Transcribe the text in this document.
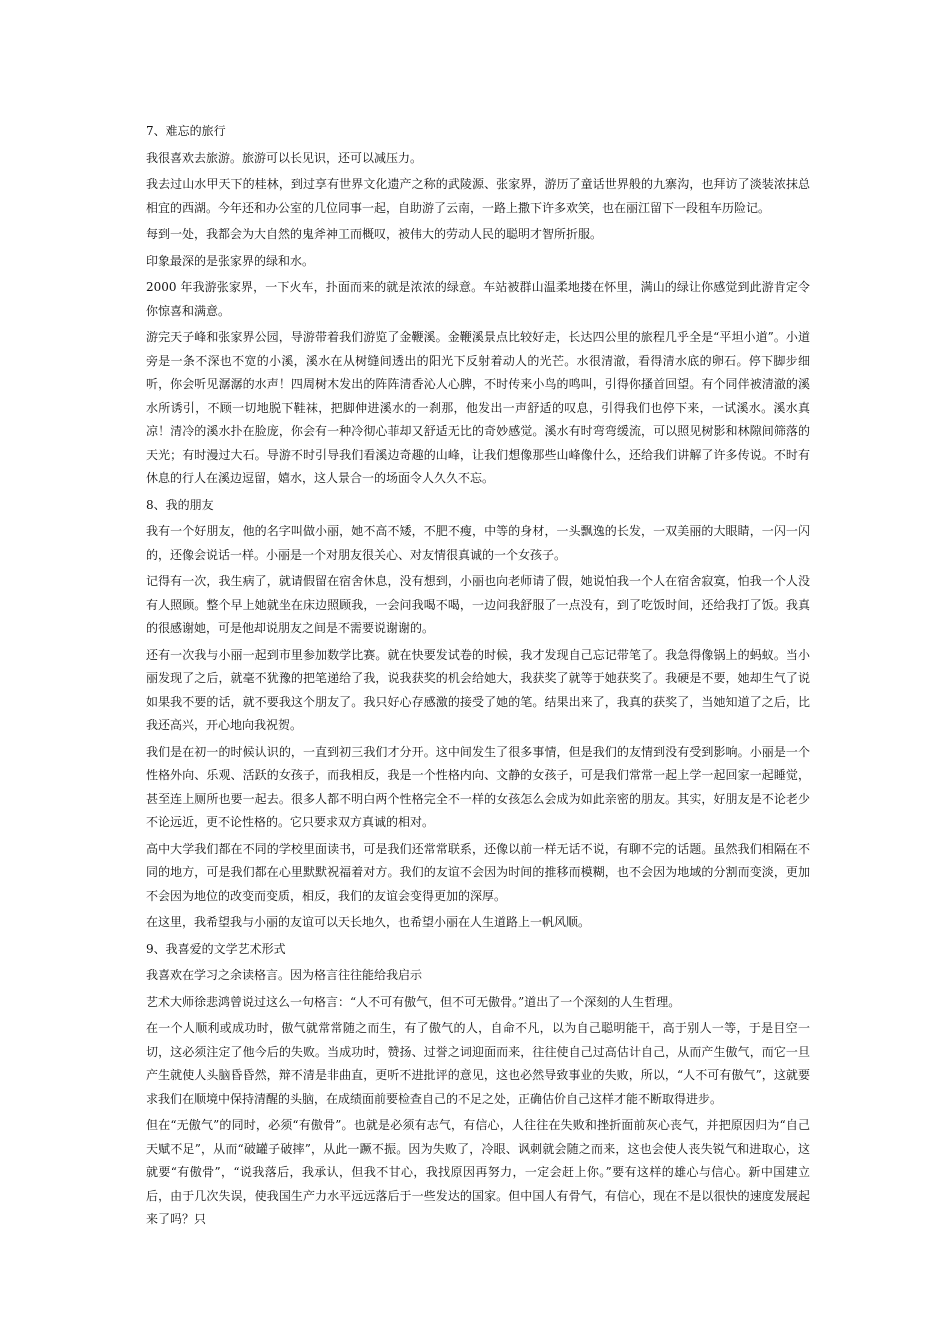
7、难忘的旅行

我很喜欢去旅游。旅游可以长见识，还可以减压力。

我去过山水甲天下的桂林，到过享有世界文化遗产之称的武陵源、张家界，游历了童话世界般的九寨沟，也拜访了淡装浓抹总相宜的西湖。今年还和办公室的几位同事一起，自助游了云南，一路上撒下许多欢笑，也在丽江留下一段租车历险记。

每到一处，我都会为大自然的鬼斧神工而概叹，被伟大的劳动人民的聪明才智所折服。

印象最深的是张家界的绿和水。

2000 年我游张家界，一下火车，扑面而来的就是浓浓的绿意。车站被群山温柔地搂在怀里，满山的绿让你感觉到此游肯定令你惊喜和满意。

游完天子峰和张家界公园，导游带着我们游览了金鞭溪。金鞭溪景点比较好走，长达四公里的旅程几乎全是“平坦小道”。小道旁是一条不深也不宽的小溪，溪水在从树缝间透出的阳光下反射着动人的光芒。水很清澈，看得清水底的卵石。停下脚步细听，你会听见潺潺的水声！四周树木发出的阵阵清香沁人心脾，不时传来小鸟的鸣叫，引得你搔首回望。有个同伴被清澈的溪水所诱引，不顾一切地脱下鞋袜，把脚伸进溪水的一刹那，他发出一声舒适的叹息，引得我们也停下来，一试溪水。溪水真凉！清冷的溪水扑在脸庞，你会有一种冷彻心菲却又舒适无比的奇妙感觉。溪水有时弯弯缓流，可以照见树影和林隙间筛落的天光；有时漫过大石。导游不时引导我们看溪边奇趣的山峰，让我们想像那些山峰像什么，还给我们讲解了许多传说。不时有休息的行人在溪边逗留，嬉水，这人景合一的场面令人久久不忘。

8、我的朋友

我有一个好朋友，他的名字叫做小丽，她不高不矮，不肥不瘦，中等的身材，一头飘逸的长发，一双美丽的大眼睛，一闪一闪的，还像会说话一样。小丽是一个对朋友很关心、对友情很真诚的一个女孩子。

记得有一次，我生病了，就请假留在宿舍休息，没有想到，小丽也向老师请了假，她说怕我一个人在宿舍寂寞，怕我一个人没有人照顾。整个早上她就坐在床边照顾我，一会问我喝不喝，一边问我舒服了一点没有，到了吃饭时间，还给我打了饭。我真的很感谢她，可是他却说朋友之间是不需要说谢谢的。

还有一次我与小丽一起到市里参加数学比赛。就在快要发试卷的时候，我才发现自己忘记带笔了。我急得像锅上的蚂蚁。当小丽发现了之后，就毫不犹豫的把笔递给了我，说我获奖的机会给她大，我获奖了就等于她获奖了。我硬是不要，她却生气了说如果我不要的话，就不要我这个朋友了。我只好心存感激的接受了她的笔。结果出来了，我真的获奖了，当她知道了之后，比我还高兴，开心地向我祝贺。

我们是在初一的时候认识的，一直到初三我们才分开。这中间发生了很多事情，但是我们的友情到没有受到影响。小丽是一个性格外向、乐观、活跃的女孩子，而我相反，我是一个性格内向、文静的女孩子，可是我们常常一起上学一起回家一起睡觉，甚至连上厕所也要一起去。很多人都不明白两个性格完全不一样的女孩怎么会成为如此亲密的朋友。其实，好朋友是不论老少不论远近，更不论性格的。它只要求双方真诚的相对。

高中大学我们都在不同的学校里面读书，可是我们还常常联系，还像以前一样无话不说，有聊不完的话题。虽然我们相隔在不同的地方，可是我们都在心里默默祝福着对方。我们的友谊不会因为时间的推移而模糊，也不会因为地域的分割而变淡，更加不会因为地位的改变而变质，相反，我们的友谊会变得更加的深厚。

在这里，我希望我与小丽的友谊可以天长地久，也希望小丽在人生道路上一帆风顺。

9、我喜爱的文学艺术形式

我喜欢在学习之余读格言。因为格言往往能给我启示

艺术大师徐悲鸿曾说过这么一句格言：“人不可有傲气，但不可无傲骨。”道出了一个深刻的人生哲理。

在一个人顺利或成功时，傲气就常常随之而生，有了傲气的人，自命不凡，以为自己聪明能干，高于别人一等，于是目空一切，这必须注定了他今后的失败。当成功时，赞扬、过誉之词迎面而来，往往使自己过高估计自己，从而产生傲气，而它一旦产生就使人头脑昏昏然，辩不清是非曲直，更听不进批评的意见，这也必然导致事业的失败，所以，“人不可有傲气”，这就要求我们在顺境中保持清醒的头脑，在成绩面前要检查自己的不足之处，正确估价自己这样才能不断取得进步。

但在“无傲气”的同时，必须“有傲骨”。也就是必须有志气，有信心，人往往在失败和挫折面前灰心丧气，并把原因归为“自己天赋不足”，从而“破罐子破摔”，从此一蹶不振。因为失败了，冷眼、讽刺就会随之而来，这也会使人丧失锐气和进取心，这就要“有傲骨”，“说我落后，我承认，但我不甘心，我找原因再努力，一定会赶上你。”要有这样的雄心与信心。新中国建立后，由于几次失误，使我国生产力水平远远落后于一些发达的国家。但中国人有骨气，有信心，现在不是以很快的速度发展起来了吗？只
